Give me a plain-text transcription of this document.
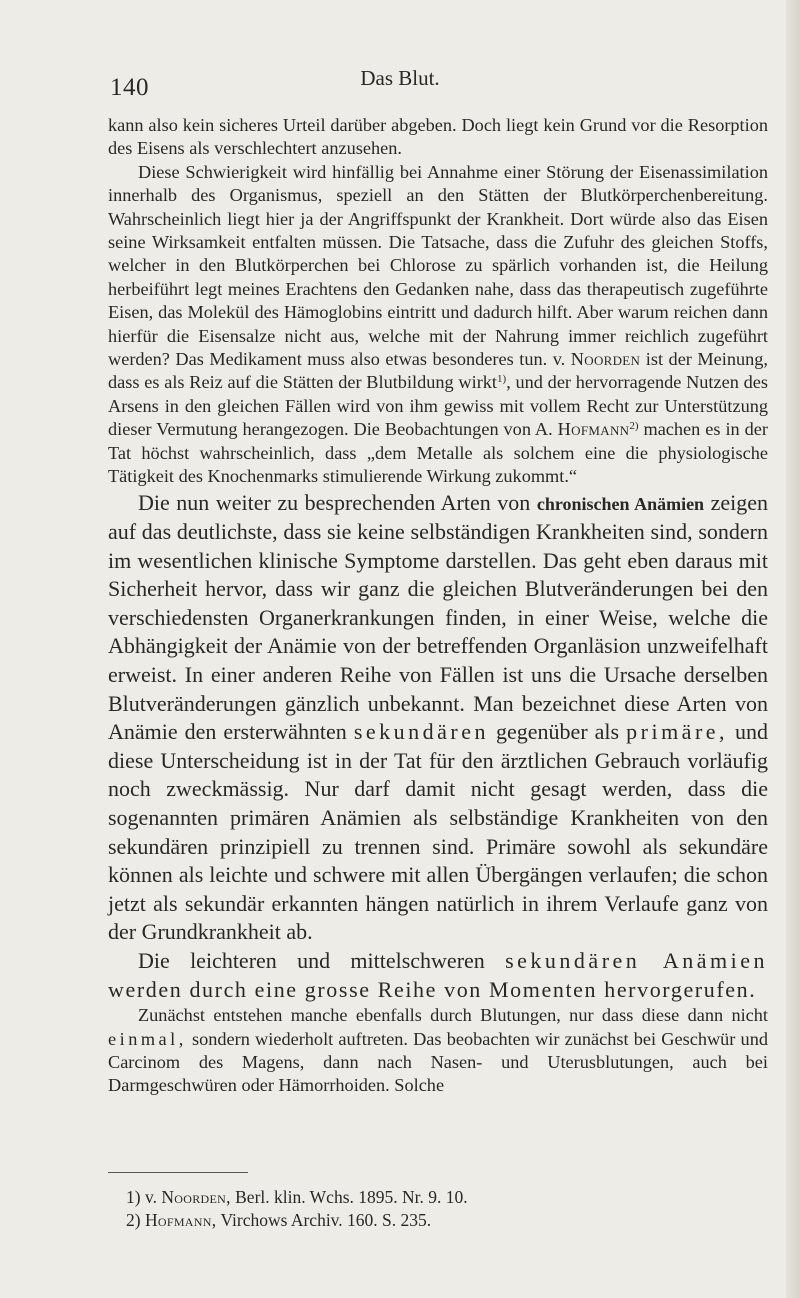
140	Das Blut.

kann also kein sicheres Urteil darüber abgeben. Doch liegt kein Grund vor die Resorption des Eisens als verschlechtert anzusehen.

Diese Schwierigkeit wird hinfällig bei Annahme einer Störung der Eisenassimilation innerhalb des Organismus, speziell an den Stätten der Blutkörperchenbereitung. Wahrscheinlich liegt hier ja der Angriffspunkt der Krankheit. Dort würde also das Eisen seine Wirksamkeit entfalten müssen. Die Tatsache, dass die Zufuhr des gleichen Stoffs, welcher in den Blutkörperchen bei Chlorose zu spärlich vorhanden ist, die Heilung herbeiführt legt meines Erachtens den Gedanken nahe, dass das therapeutisch zugeführte Eisen, das Molekül des Hämoglobins eintritt und dadurch hilft. Aber warum reichen dann hierfür die Eisensalze nicht aus, welche mit der Nahrung immer reichlich zugeführt werden? Das Medikament muss also etwas besonderes tun. v. Noorden ist der Meinung, dass es als Reiz auf die Stätten der Blutbildung wirkt$^{1)}$, und der hervorragende Nutzen des Arsens in den gleichen Fällen wird von ihm gewiss mit vollem Recht zur Unterstützung dieser Vermutung herangezogen. Die Beobachtungen von A. Hofmann$^{2)}$ machen es in der Tat höchst wahrscheinlich, dass „dem Metalle als solchem eine die physiologische Tätigkeit des Knochenmarks stimulierende Wirkung zukommt.“

Die nun weiter zu besprechenden Arten von chronischen Anämien zeigen auf das deutlichste, dass sie keine selbständigen Krankheiten sind, sondern im wesentlichen klinische Symptome darstellen. Das geht eben daraus mit Sicherheit hervor, dass wir ganz die gleichen Blutveränderungen bei den verschiedensten Organerkrankungen finden, in einer Weise, welche die Abhängigkeit der Anämie von der betreffenden Organläsion unzweifelhaft erweist. In einer anderen Reihe von Fällen ist uns die Ursache derselben Blutveränderungen gänzlich unbekannt. Man bezeichnet diese Arten von Anämie den ersterwähnten sekundären gegenüber als primäre, und diese Unterscheidung ist in der Tat für den ärztlichen Gebrauch vorläufig noch zweckmässig. Nur darf damit nicht gesagt werden, dass die sogenannten primären Anämien als selbständige Krankheiten von den sekundären prinzipiell zu trennen sind. Primäre sowohl als sekundäre können als leichte und schwere mit allen Übergängen verlaufen; die schon jetzt als sekundär erkannten hängen natürlich in ihrem Verlaufe ganz von der Grundkrankheit ab.

Die leichteren und mittelschweren sekundären Anämien werden durch eine grosse Reihe von Momenten hervorgerufen.

Zunächst entstehen manche ebenfalls durch Blutungen, nur dass diese dann nicht einmal, sondern wiederholt auftreten. Das beobachten wir zunächst bei Geschwür und Carcinom des Magens, dann nach Nasen- und Uterusblutungen, auch bei Darmgeschwüren oder Hämorrhoiden. Solche

1) v. Noorden, Berl. klin. Wchs. 1895. Nr. 9. 10.
2) Hofmann, Virchows Archiv. 160. S. 235.
